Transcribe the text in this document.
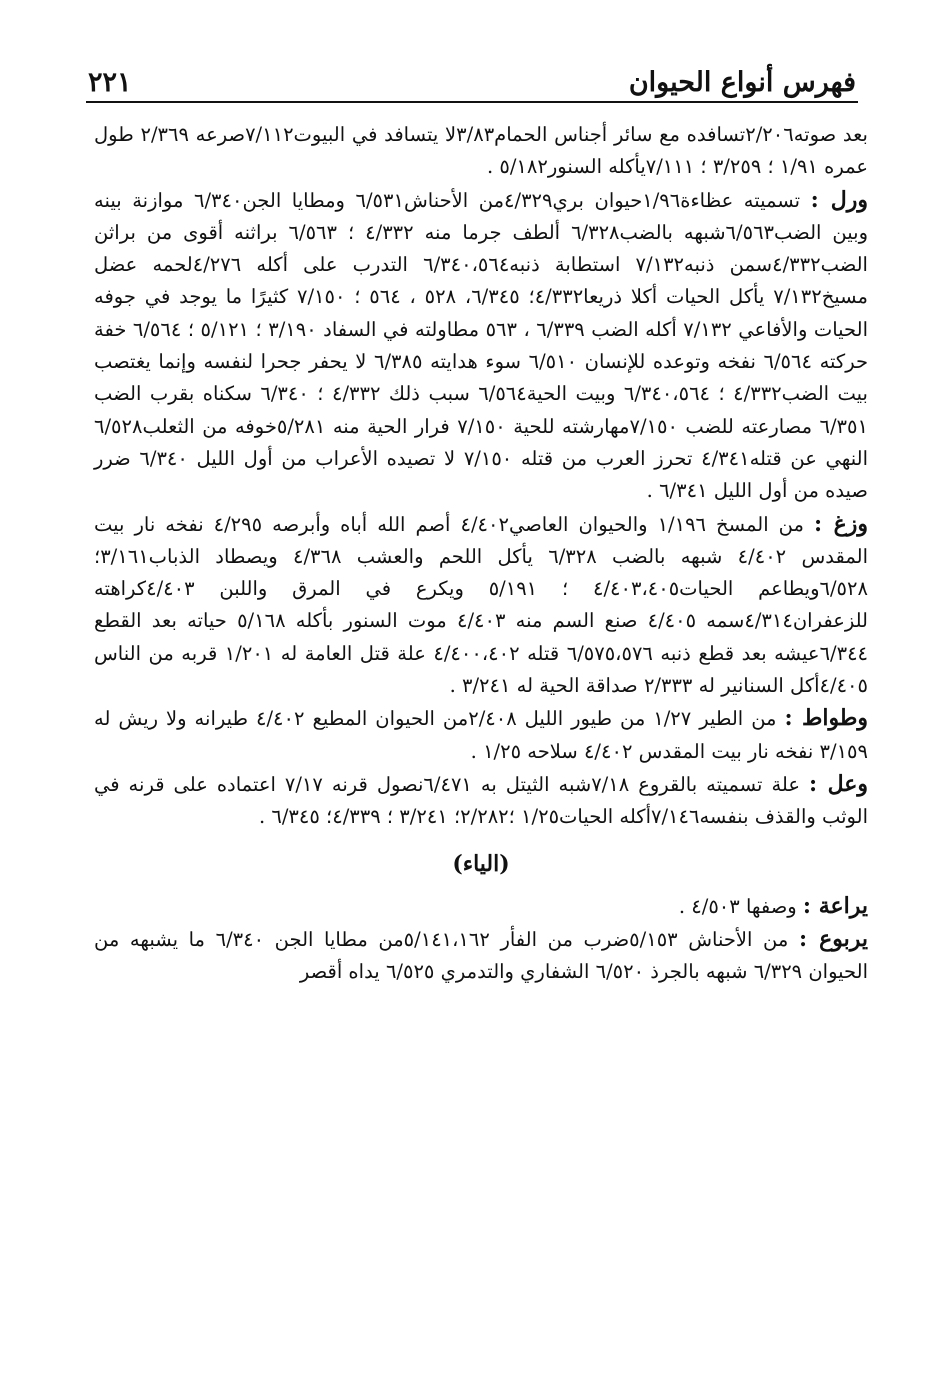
فهرس أنواع الحيوان
٢٢١

بعد صوته٢/٢٠٦تسافده مع سائر أجناس الحمام٣/٨٣لا يتسافد في البيوت٧/١١٢صرعه ٢/٣٦٩ طول عمره ١/٩١ ؛ ٣/٢٥٩ ؛ ٧/١١١يأكله السنور٥/١٨٢ .

ورل : تسميته عظاءة١/٩٦حيوان بري٤/٣٢٩من الأحناش٦/٥٣١ ومطايا الجن٦/٣٤٠ موازنة بينه وبين الضب٦/٥٦٣شبهه بالضب٦/٣٢٨ ألطف جرما منه ٤/٣٣٢ ؛ ٦/٥٦٣ براثنه أقوى من براثن الضب٤/٣٣٢سمن ذنبه٧/١٣٢ استطابة ذنبه٦/٣٤٠،٥٦٤ التدرب على أكله ٤/٢٧٦لحمه عضل مسيخ٧/١٣٢ يأكل الحيات أكلا ذريعا٤/٣٣٢؛ ٦/٣٤٥، ٥٢٨ ، ٥٦٤ ؛ ٧/١٥٠ كثيرًا ما يوجد في جوفه الحيات والأفاعي ٧/١٣٢ أكله الضب ٦/٣٣٩ ، ٥٦٣ مطاولته في السفاد ٣/١٩٠ ؛ ٥/١٢١ ؛ ٦/٥٦٤ خفة حركته ٦/٥٦٤ نفخه وتوعده للإنسان ٦/٥١٠ سوء هدايته ٦/٣٨٥ لا يحفر جحرا لنفسه وإنما يغتصب بيت الضب٤/٣٣٢ ؛ ٦/٣٤٠،٥٦٤ وبيت الحية٦/٥٦٤ سبب ذلك ٤/٣٣٢ ؛ ٦/٣٤٠ سكناه بقرب الضب ٦/٣٥١ مصارعته للضب ٧/١٥٠مهارشته للحية ٧/١٥٠ فرار الحية منه ٥/٢٨١خوفه من الثعلب٦/٥٢٨ النهي عن قتله٤/٣٤١ تحرز العرب من قتله ٧/١٥٠ لا تصيده الأعراب من أول الليل ٦/٣٤٠ ضرر صيده من أول الليل ٦/٣٤١ .

وزغ : من المسخ ١/١٩٦ والحيوان العاصي٤/٤٠٢ أصم الله أباه وأبرصه ٤/٢٩٥ نفخه نار بيت المقدس ٤/٤٠٢ شبهه بالضب ٦/٣٢٨ يأكل اللحم والعشب ٤/٣٦٨ ويصطاد الذباب٣/١٦١؛٦/٥٢٨ويطاعم الحيات٤/٤٠٣،٤٠٥ ؛ ٥/١٩١ ويكرع في المرق واللبن ٤/٤٠٣كراهته للزعفران٤/٣١٤سمه ٤/٤٠٥ صنع السم منه ٤/٤٠٣ موت السنور بأكله ٥/١٦٨ حياته بعد القطع ٦/٣٤٤عيشه بعد قطع ذنبه ٦/٥٧٥،٥٧٦ قتله ٤/٤٠٠،٤٠٢ علة قتل العامة له ١/٢٠١ قربه من الناس ٤/٤٠٥أكل السنانير له ٢/٣٣٣ صداقة الحية له ٣/٢٤١ .

وطواط : من الطير ١/٢٧ من طيور الليل ٢/٤٠٨من الحيوان المطيع ٤/٤٠٢ طيرانه ولا ريش له ٣/١٥٩ نفخه نار بيت المقدس ٤/٤٠٢ سلاحه ١/٢٥ .

وعل : علة تسميته بالقروع ٧/١٨شبه الثيتل به ٦/٤٧١نصول قرنه ٧/١٧ اعتماده على قرنه في الوثب والقذف بنفسه٧/١٤٦أكله الحيات١/٢٥ ؛٢/٢٨٢؛ ٣/٢٤١ ؛ ٤/٣٣٩؛ ٦/٣٤٥ .

(الياء)

يراعة : وصفها ٤/٥٠٣ .

يربوع : من الأحناش ٥/١٥٣ضرب من الفأر ٥/١٤١،١٦٢من مطايا الجن ٦/٣٤٠ ما يشبهه من الحيوان ٦/٣٢٩ شبهه بالجرذ ٦/٥٢٠ الشفاري والتدمري ٦/٥٢٥ يداه أقصر
